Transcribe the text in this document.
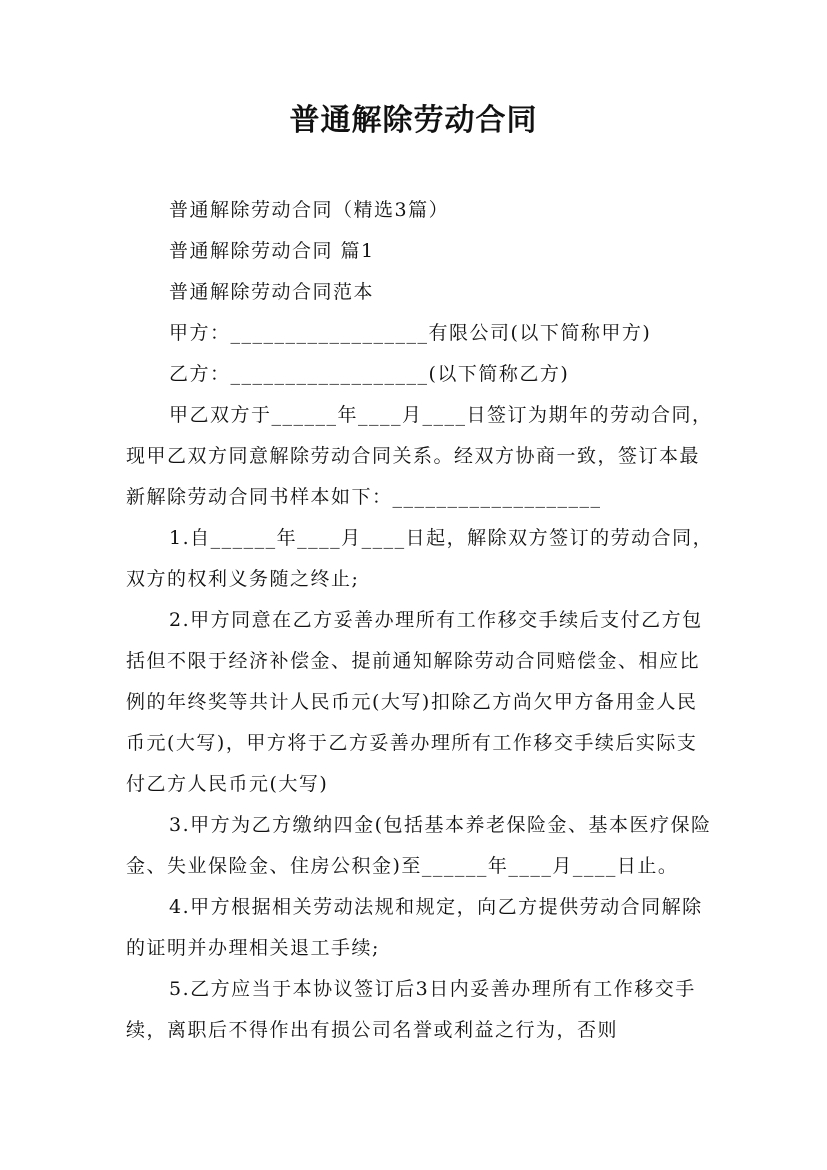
普通解除劳动合同

普通解除劳动合同（精选3篇）

普通解除劳动合同 篇1

普通解除劳动合同范本

甲方：__________________有限公司(以下简称甲方)

乙方：__________________(以下简称乙方)

甲乙双方于______年____月____日签订为期年的劳动合同，现甲乙双方同意解除劳动合同关系。经双方协商一致，签订本最新解除劳动合同书样本如下：___________________

1.自______年____月____日起，解除双方签订的劳动合同，双方的权利义务随之终止;

2.甲方同意在乙方妥善办理所有工作移交手续后支付乙方包括但不限于经济补偿金、提前通知解除劳动合同赔偿金、相应比例的年终奖等共计人民币元(大写)扣除乙方尚欠甲方备用金人民币元(大写)，甲方将于乙方妥善办理所有工作移交手续后实际支付乙方人民币元(大写)

3.甲方为乙方缴纳四金(包括基本养老保险金、基本医疗保险金、失业保险金、住房公积金)至______年____月____日止。

4.甲方根据相关劳动法规和规定，向乙方提供劳动合同解除的证明并办理相关退工手续;

5.乙方应当于本协议签订后3日内妥善办理所有工作移交手续，离职后不得作出有损公司名誉或利益之行为，否则
